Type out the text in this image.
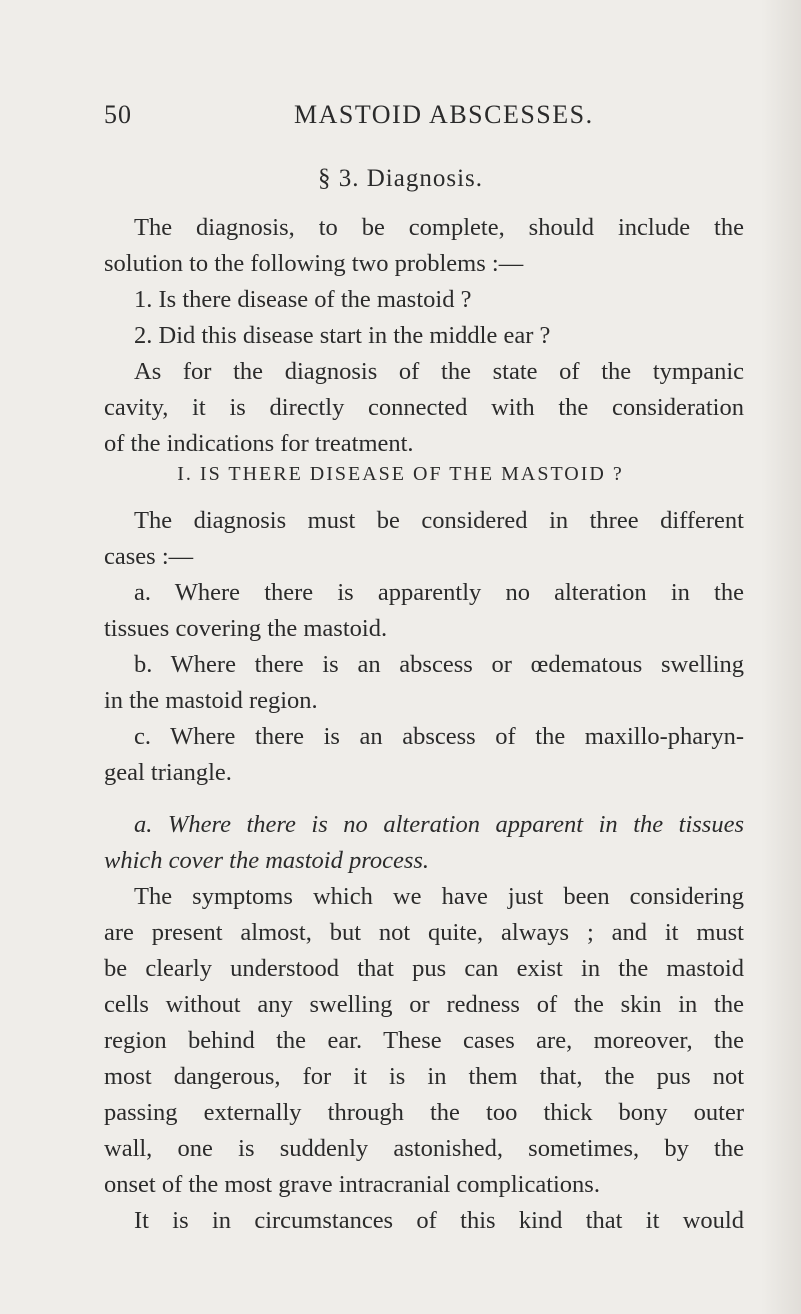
50	MASTOID ABSCESSES.
§ 3. Diagnosis.
The diagnosis, to be complete, should include the
solution to the following two problems :—
1. Is there disease of the mastoid ?
2. Did this disease start in the middle ear ?
As for the diagnosis of the state of the tympanic
cavity, it is directly connected with the consideration
of the indications for treatment.
I. IS THERE DISEASE OF THE MASTOID ?
The diagnosis must be considered in three different
cases :—
a. Where there is apparently no alteration in the
tissues covering the mastoid.
b. Where there is an abscess or œdematous swelling
in the mastoid region.
c. Where there is an abscess of the maxillo-pharyn-
geal triangle.
a. Where there is no alteration apparent in the tissues
which cover the mastoid process.
The symptoms which we have just been considering
are present almost, but not quite, always ; and it must
be clearly understood that pus can exist in the mastoid
cells without any swelling or redness of the skin in the
region behind the ear. These cases are, moreover, the
most dangerous, for it is in them that, the pus not
passing externally through the too thick bony outer
wall, one is suddenly astonished, sometimes, by the
onset of the most grave intracranial complications.
It is in circumstances of this kind that it would
